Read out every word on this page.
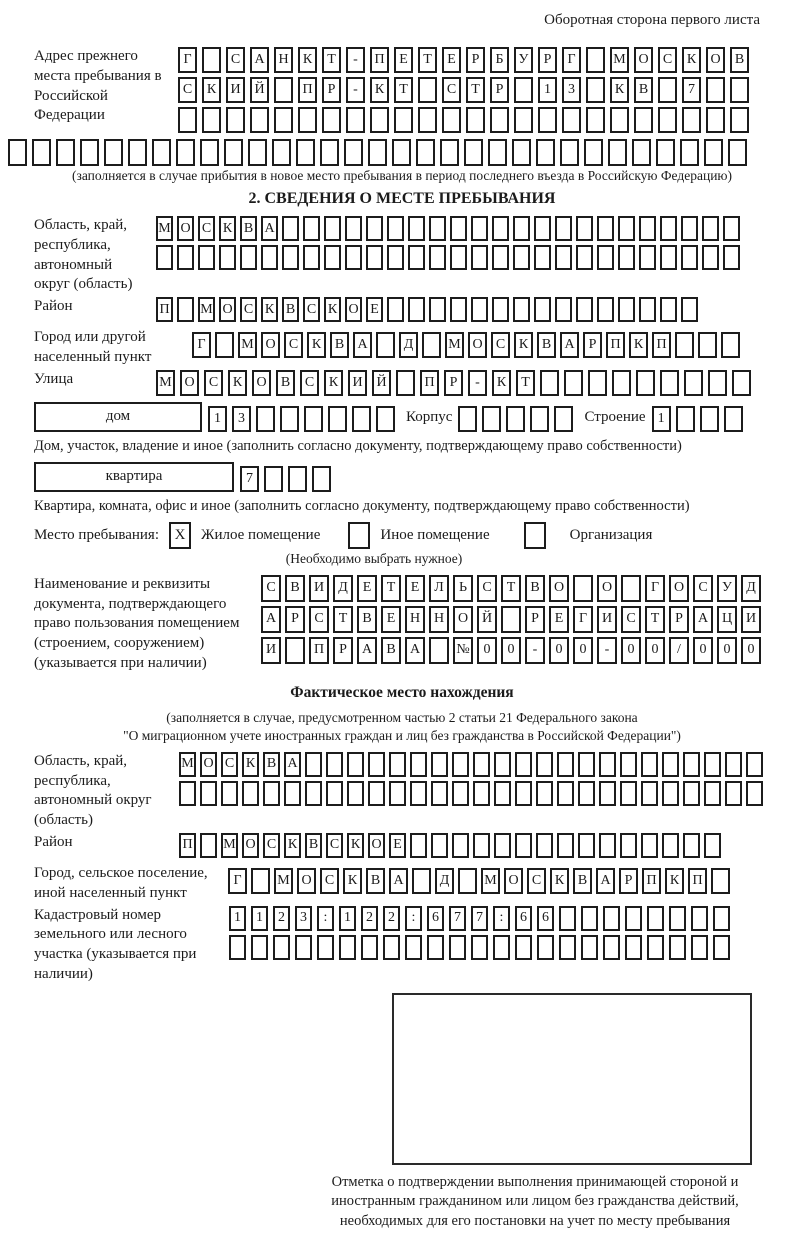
Оборотная сторона первого листа
Адрес прежнего места пребывания в Российской Федерации
Г	С	А Н	К	Т	-	П	Е	Т	Е	Р	Б	У	Р	Г	М О	С	К	О	В
С	К	И Й	П	Р	-	К	Т	С	Т	Р	1	3	К	В	7
(заполняется в случае прибытия в новое место пребывания в период последнего въезда в Российскую Федерацию)
2. СВЕДЕНИЯ О МЕСТЕ ПРЕБЫВАНИЯ
Область, край, республика, автономный округ (область)
М О С К В А
Район	П М О С К В С К О Е
Город или другой населенный пункт
Г	М О С К В А	Д	М О С К В А	Р	П К П
Улица	М О	С	К	О	В	С	К	И Й	П	Р	-	К	Т
дом	1	3	Корпус	Строение 1
Дом, участок, владение и иное (заполнить согласно документу, подтверждающему право собственности)
квартира	7
Квартира, комната, офис и иное (заполнить согласно документу, подтверждающему право собственности)
Место пребывания:	X	Жилое помещение	Иное помещение	Организация
(Необходимо выбрать нужное)
Наименование и реквизиты документа, подтверждающего право пользования помещением (строением, сооружением) (указывается при наличии)
С	В	И	Д	Е	Т	Е	Л	Ь	С	Т	В	О	О	Г	О	С	У	Д
А	Р	С	Т	В	Е	Н Н О Й	Р	Е	Г	И	С	Т	Р	А Ц И
И	П	Р	А	В	А	№ 0	0	-	0	0	-	0	0	/	0	0	0
Фактическое место нахождения
(заполняется в случае, предусмотренном частью 2 статьи 21 Федерального закона
"О миграционном учете иностранных граждан и лиц без гражданства в Российской Федерации")
Область, край, республика, автономный округ (область)
М О С К В А
Район	П М О С К В С К О Е
Город, сельское поселение, иной населенный пункт
Г	М О С К В А	Д	М О С К В А	Р	П К П
Кадастровый номер земельного или лесного участка (указывается при наличии)
1	1	2	3	:	1	2	2	:	6	7	7	:	6	6
Отметка о подтверждении выполнения принимающей стороной и иностранным гражданином или лицом без гражданства действий, необходимых для его постановки на учет по месту пребывания
